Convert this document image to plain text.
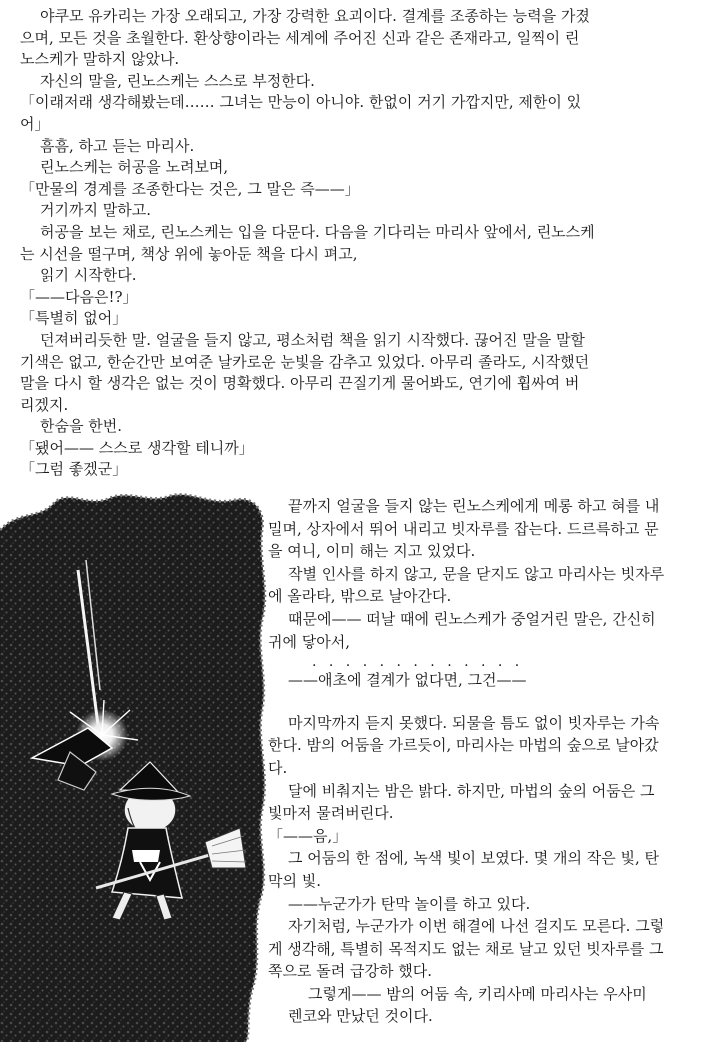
야쿠모 유카리는 가장 오래되고, 가장 강력한 요괴이다. 결계를 조종하는 능력을 가졌
으며, 모든 것을 초월한다. 환상향이라는 세계에 주어진 신과 같은 존재라고, 일찍이 린
노스케가 말하지 않았나.
자신의 말을, 린노스케는 스스로 부정한다.
「이래저래 생각해봤는데…… 그녀는 만능이 아니야. 한없이 거기 가깝지만, 제한이 있
어」
흠흠, 하고 듣는 마리사.
린노스케는 허공을 노려보며,
「만물의 경계를 조종한다는 것은, 그 말은 즉——」
거기까지 말하고.
허공을 보는 채로, 린노스케는 입을 다문다. 다음을 기다리는 마리사 앞에서, 린노스케
는 시선을 떨구며, 책상 위에 놓아둔 책을 다시 펴고,
읽기 시작한다.
「——다음은!?」
「특별히 없어」
던져버리듯한 말. 얼굴을 들지 않고, 평소처럼 책을 읽기 시작했다. 끊어진 말을 말할
기색은 없고, 한순간만 보여준 날카로운 눈빛을 감추고 있었다. 아무리 졸라도, 시작했던
말을 다시 할 생각은 없는 것이 명확했다. 아무리 끈질기게 물어봐도, 연기에 휩싸여 버
리겠지.
한숨을 한번.
「됐어—— 스스로 생각할 테니까」
「그럼 좋겠군」
끝까지 얼굴을 들지 않는 린노스케에게 메롱 하고 혀를 내
밀며, 상자에서 뛰어 내리고 빗자루를 잡는다. 드르륵하고 문
을 여니, 이미 해는 지고 있었다.
작별 인사를 하지 않고, 문을 닫지도 않고 마리사는 빗자루
에 올라타, 밖으로 날아간다.
때문에—— 떠날 때에 린노스케가 중얼거린 말은, 간신히
귀에 닿아서,
. . . . . . . . . . . . .
——애초에 결계가 없다면, 그건——
마지막까지 듣지 못했다. 되물을 틈도 없이 빗자루는 가속
한다. 밤의 어둠을 가르듯이, 마리사는 마법의 숲으로 날아갔
다.
달에 비춰지는 밤은 밝다. 하지만, 마법의 숲의 어둠은 그
빛마저 물려버린다.
「——음,」
그 어둠의 한 점에, 녹색 빛이 보였다. 몇 개의 작은 빛, 탄
막의 빛.
——누군가가 탄막 놀이를 하고 있다.
자기처럼, 누군가가 이번 해결에 나선 걸지도 모른다. 그렇
게 생각해, 특별히 목적지도 없는 채로 날고 있던 빗자루를 그
쪽으로 돌려 급강하 했다.
그렇게—— 밤의 어둠 속, 키리사메 마리사는 우사미
렌코와 만났던 것이다.
